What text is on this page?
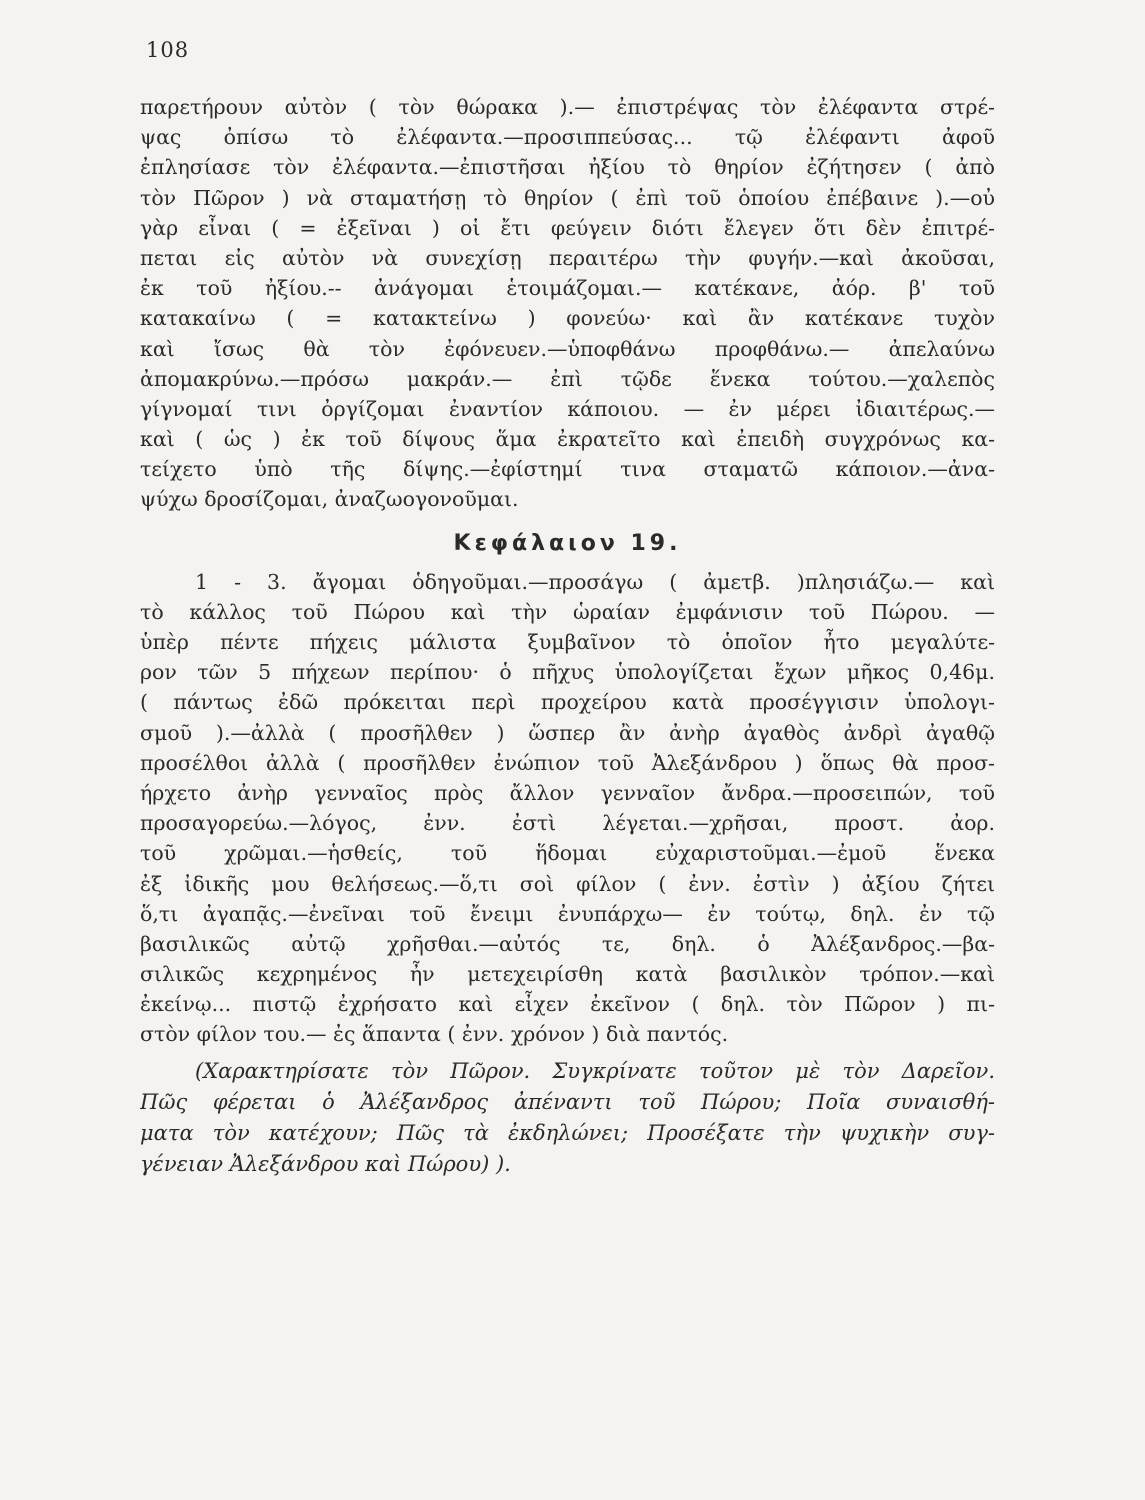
108
παρετήρουν αὐτὸν ( τὸν θώρακα ).— ἐπιστρέψας τὸν ἐλέφαντα στρέ-
ψας ὀπίσω τὸ ἐλέφαντα.—προσιππεύσας... τῷ ἐλέφαντι ἀφοῦ
ἐπλησίασε τὸν ἐλέφαντα.—ἐπιστῆσαι ἠξίου τὸ θηρίον ἐζήτησεν ( ἀπὸ
τὸν Πῶρον ) νὰ σταματήσῃ τὸ θηρίον ( ἐπὶ τοῦ ὁποίου ἐπέβαινε ).—οὐ
γὰρ εἶναι ( = ἐξεῖναι ) οἱ ἔτι φεύγειν διότι ἔλεγεν ὅτι δὲν ἐπιτρέ-
πεται εἰς αὐτὸν νὰ συνεχίσῃ περαιτέρω τὴν φυγήν.—καὶ ἀκοῦσαι,
ἐκ τοῦ ἠξίου.-- ἀνάγομαι ἑτοιμάζομαι.— κατέκανε, ἀόρ. β' τοῦ
κατακαίνω ( = κατακτείνω ) φονεύω· καὶ ἂν κατέκανε τυχὸν
καὶ ἴσως θὰ τὸν ἐφόνευεν.—ὑποφθάνω προφθάνω.— ἀπελαύνω
ἀπομακρύνω.—πρόσω μακράν.— ἐπὶ τῷδε ἕνεκα τούτου.—χαλεπὸς
γίγνομαί τινι ὀργίζομαι ἐναντίον κάποιου. — ἐν μέρει ἰδιαιτέρως.—
καὶ ( ὡς ) ἐκ τοῦ δίψους ἅμα ἐκρατεῖτο καὶ ἐπειδὴ συγχρόνως κα-
τείχετο ὑπὸ τῆς δίψης.—ἐφίστημί τινα σταματῶ κάποιον.—ἀνα-
ψύχω δροσίζομαι, ἀναζωογονοῦμαι.
Κεφάλαιον 19.
1 - 3. ἄγομαι ὁδηγοῦμαι.—προσάγω ( ἀμετβ. )πλησιάζω.— καὶ
τὸ κάλλος τοῦ Πώρου καὶ τὴν ὡραίαν ἐμφάνισιν τοῦ Πώρου. —
ὑπὲρ πέντε πήχεις μάλιστα ξυμβαῖνον τὸ ὁποῖον ἦτο μεγαλύτε-
ρον τῶν 5 πήχεων περίπου· ὁ πῆχυς ὑπολογίζεται ἔχων μῆκος 0,46μ.
( πάντως ἐδῶ πρόκειται περὶ προχείρου κατὰ προσέγγισιν ὑπολογι-
σμοῦ ).—ἀλλὰ ( προσῆλθεν ) ὥσπερ ἂν ἀνὴρ ἀγαθὸς ἀνδρὶ ἀγαθῷ
προσέλθοι ἀλλὰ ( προσῆλθεν ἐνώπιον τοῦ Ἀλεξάνδρου ) ὅπως θὰ προσ-
ήρχετο ἀνὴρ γενναῖος πρὸς ἄλλον γενναῖον ἄνδρα.—προσειπών, τοῦ
προσαγορεύω.—λόγος, ἐνν. ἐστὶ λέγεται.—χρῆσαι, προστ. ἀορ.
τοῦ χρῶμαι.—ἡσθείς, τοῦ ἥδομαι εὐχαριστοῦμαι.—ἐμοῦ ἕνεκα
ἐξ ἰδικῆς μου θελήσεως.—ὅ,τι σοὶ φίλον ( ἐνν. ἐστὶν ) ἀξίου ζήτει
ὅ,τι ἀγαπᾷς.—ἐνεῖναι τοῦ ἔνειμι ἐνυπάρχω— ἐν τούτῳ, δηλ. ἐν τῷ
βασιλικῶς αὐτῷ χρῆσθαι.—αὐτός τε, δηλ. ὁ Ἀλέξανδρος.—βα-
σιλικῶς κεχρημένος ἦν μετεχειρίσθη κατὰ βασιλικὸν τρόπον.—καὶ
ἐκείνῳ... πιστῷ ἐχρήσατο καὶ εἶχεν ἐκεῖνον ( δηλ. τὸν Πῶρον ) πι-
στὸν φίλον του.— ἐς ἅπαντα ( ἐνν. χρόνον ) διὰ παντός.
(Χαρακτηρίσατε τὸν Πῶρον. Συγκρίνατε τοῦτον μὲ τὸν Δαρεῖον.
Πῶς φέρεται ὁ Ἀλέξανδρος ἀπέναντι τοῦ Πώρου; Ποῖα συναισθή-
ματα τὸν κατέχουν; Πῶς τὰ ἐκδηλώνει; Προσέξατε τὴν ψυχικὴν συγ-
γένειαν Ἀλεξάνδρου καὶ Πώρου) ).
